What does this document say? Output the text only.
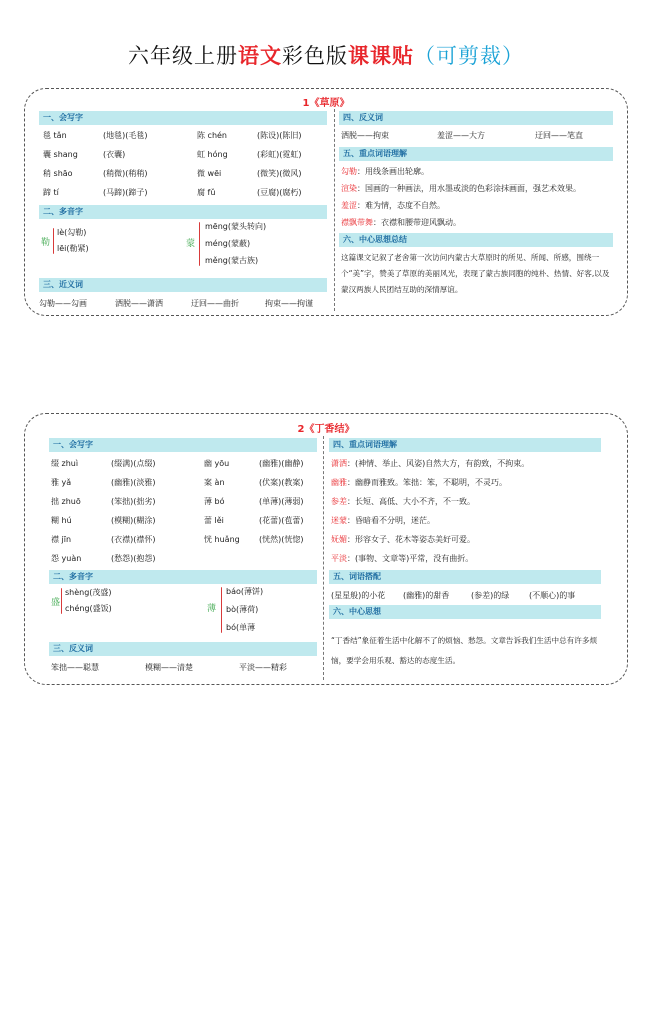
六年级上册语文彩色版课课贴（可剪裁）
1《草原》
一、会写字
毯 tǎn	(地毯)(毛毯)	陈 chén	(陈设)(陈旧)
囊 shang	(衣囊)	虹 hóng	(彩虹)(霓虹)
稍 shāo	(稍微)(稍稍)	微 wēi	(微笑)(微风)
蹄 tí	(马蹄)(蹄子)	腐 fǔ	(豆腐)(腐朽)
二、多音字
勒
lè(勾勒)
lēi(勒紧)	蒙
mēng(蒙头转向)
méng(蒙蔽)
měng(蒙古族)
三、近义词
勾勒——勾画	洒脱——潇洒	迂回——曲折	拘束——拘谨
四、反义词
洒脱——拘束	羞涩——大方	迂回——笔直
五、重点词语理解
勾勒：用线条画出轮廓。
渲染：国画的一种画法，用水墨或淡的色彩涂抹画面，强艺术效果。
羞涩：难为情，态度不自然。
襟飘带舞：衣襟和腰带迎风飘动。
六、中心思想总结
这篇课文记叙了老舍第一次访问内蒙古大草原时的所见、所闻、所感，围绕一个“美”字，赞美了草原的美丽风光，表现了蒙古族同胞的纯朴、热情、好客,以及蒙汉两族人民团结互助的深情厚谊。
2《丁香结》
一、会写字
缀 zhuì	(缀满)(点缀)	幽 yōu	(幽雅)(幽静)
雅 yǎ	(幽雅)(淡雅)	案 àn	(伏案)(教案)
拙 zhuō	(笨拙)(拙劣)	薄 bó	(单薄)(薄弱)
糊 hú	(模糊)(糊涂)	蕾 lěi	(花蕾)(苞蕾)
襟 jīn	(衣襟)(襟怀)	恍 huǎng (恍然)(恍惚)
怨 yuàn	(愁怨)(抱怨)
二、多音字
盛
shèng(茂盛)
chéng(盛饭)	薄
báo(薄饼)
bò(薄荷)
bó(单薄
三、反义词
笨拙——聪慧	模糊——清楚	平淡——精彩
四、重点词语理解
潇洒：(神情、举止、风姿)自然大方，有韵致，不拘束。
幽雅：幽静而雅致。笨拙：笨，不聪明，不灵巧。
参差：长短、高低、大小不齐，不一致。
迷蒙：昏暗看不分明，迷茫。
妩媚：形容女子、花木等姿态美好可爱。
平淡：(事物、文章等)平常，没有曲折。
五、词语搭配
(星星般)的小花 (幽雅)的甜香	(参差)的绿 (不顺心)的事
六、中心思想
“丁香结”象征着生活中化解不了的烦恼、愁怨。文章告诉我们生活中总有许多烦恼，要学会用乐观、豁达的态度生活。
